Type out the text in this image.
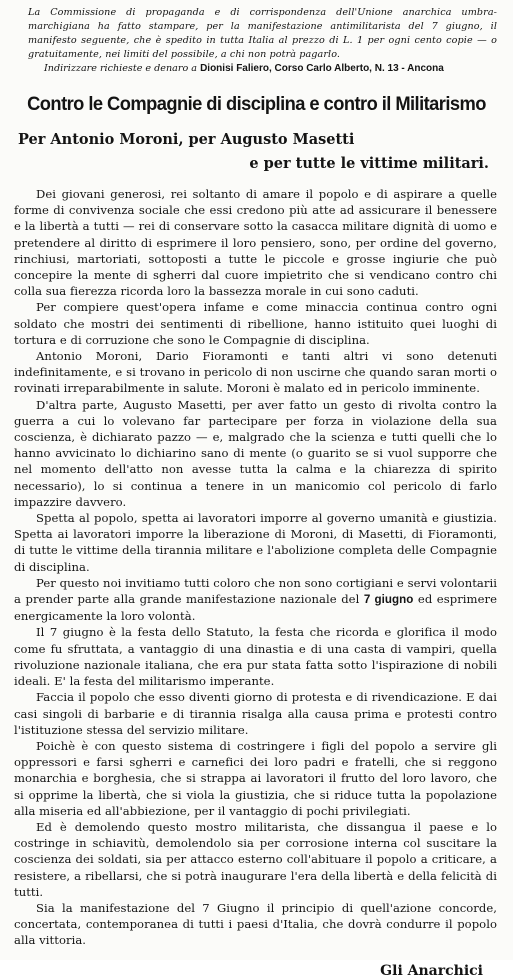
La Commissione di propaganda e di corrispondenza dell'Unione anarchica umbra-marchigiana ha fatto stampare, per la manifestazione antimilitarista del 7 giugno, il manifesto seguente, che è spedito in tutta Italia al prezzo di L. 1 per ogni cento copie — o gratuitamente, nei limiti del possibile, a chi non potrà pagarlo.
Indirizzare richieste e denaro a Dionisi Faliero, Corso Carlo Alberto, N. 13 - Ancona
Contro le Compagnie di disciplina e contro il Militarismo
Per Antonio Moroni, per Augusto Masetti
e per tutte le vittime militari.
Dei giovani generosi, rei soltanto di amare il popolo e di aspirare a quelle forme di convivenza sociale che essi credono più atte ad assicurare il benessere e la libertà a tutti — rei di conservare sotto la casacca militare dignità di uomo e pretendere al diritto di esprimere il loro pensiero, sono, per ordine del governo, rinchiusi, martoriati, sottoposti a tutte le piccole e grosse ingiurie che può concepire la mente di sgherri dal cuore impietrito che si vendicano contro chi colla sua fierezza ricorda loro la bassezza morale in cui sono caduti.
Per compiere quest'opera infame e come minaccia continua contro ogni soldato che mostri dei sentimenti di ribellione, hanno istituito quei luoghi di tortura e di corruzione che sono le Compagnie di disciplina.
Antonio Moroni, Dario Fioramonti e tanti altri vi sono detenuti indefinitamente, e si trovano in pericolo di non uscirne che quando saran morti o rovinati irreparabilmente in salute. Moroni è malato ed in pericolo imminente.
D'altra parte, Augusto Masetti, per aver fatto un gesto di rivolta contro la guerra a cui lo volevano far partecipare per forza in violazione della sua coscienza, è dichiarato pazzo — e, malgrado che la scienza e tutti quelli che lo hanno avvicinato lo dichiarino sano di mente (o guarito se si vuol supporre che nel momento dell'atto non avesse tutta la calma e la chiarezza di spirito necessario), lo si continua a tenere in un manicomio col pericolo di farlo impazzire davvero.
Spetta al popolo, spetta ai lavoratori imporre al governo umanità e giustizia. Spetta ai lavoratori imporre la liberazione di Moroni, di Masetti, di Fioramonti, di tutte le vittime della tirannia militare e l'abolizione completa delle Compagnie di disciplina.
Per questo noi invitiamo tutti coloro che non sono cortigiani e servi volontarii a prender parte alla grande manifestazione nazionale del 7 giugno ed esprimere energicamente la loro volontà.
Il 7 giugno è la festa dello Statuto, la festa che ricorda e glorifica il modo come fu sfruttata, a vantaggio di una dinastia e di una casta di vampiri, quella rivoluzione nazionale italiana, che era pur stata fatta sotto l'ispirazione di nobili ideali. E' la festa del militarismo imperante.
Faccia il popolo che esso diventi giorno di protesta e di rivendicazione. E dai casi singoli di barbarie e di tirannia risalga alla causa prima e protesti contro l'istituzione stessa del servizio militare.
Poichè è con questo sistema di costringere i figli del popolo a servire gli oppressori e farsi sgherri e carnefici dei loro padri e fratelli, che si reggono monarchia e borghesia, che si strappa ai lavoratori il frutto del loro lavoro, che si opprime la libertà, che si viola la giustizia, che si riduce tutta la popolazione alla miseria ed all'abbiezione, per il vantaggio di pochi privilegiati.
Ed è demolendo questo mostro militarista, che dissangua il paese e lo costringe in schiavitù, demolendolo sia per corrosione interna col suscitare la coscienza dei soldati, sia per attacco esterno coll'abituare il popolo a criticare, a resistere, a ribellarsi, che si potrà inaugurare l'era della libertà e della felicità di tutti.
Sia la manifestazione del 7 Giugno il principio di quell'azione concorde, concertata, contemporanea di tutti i paesi d'Italia, che dovrà condurre il popolo alla vittoria.
Gli Anarchici
